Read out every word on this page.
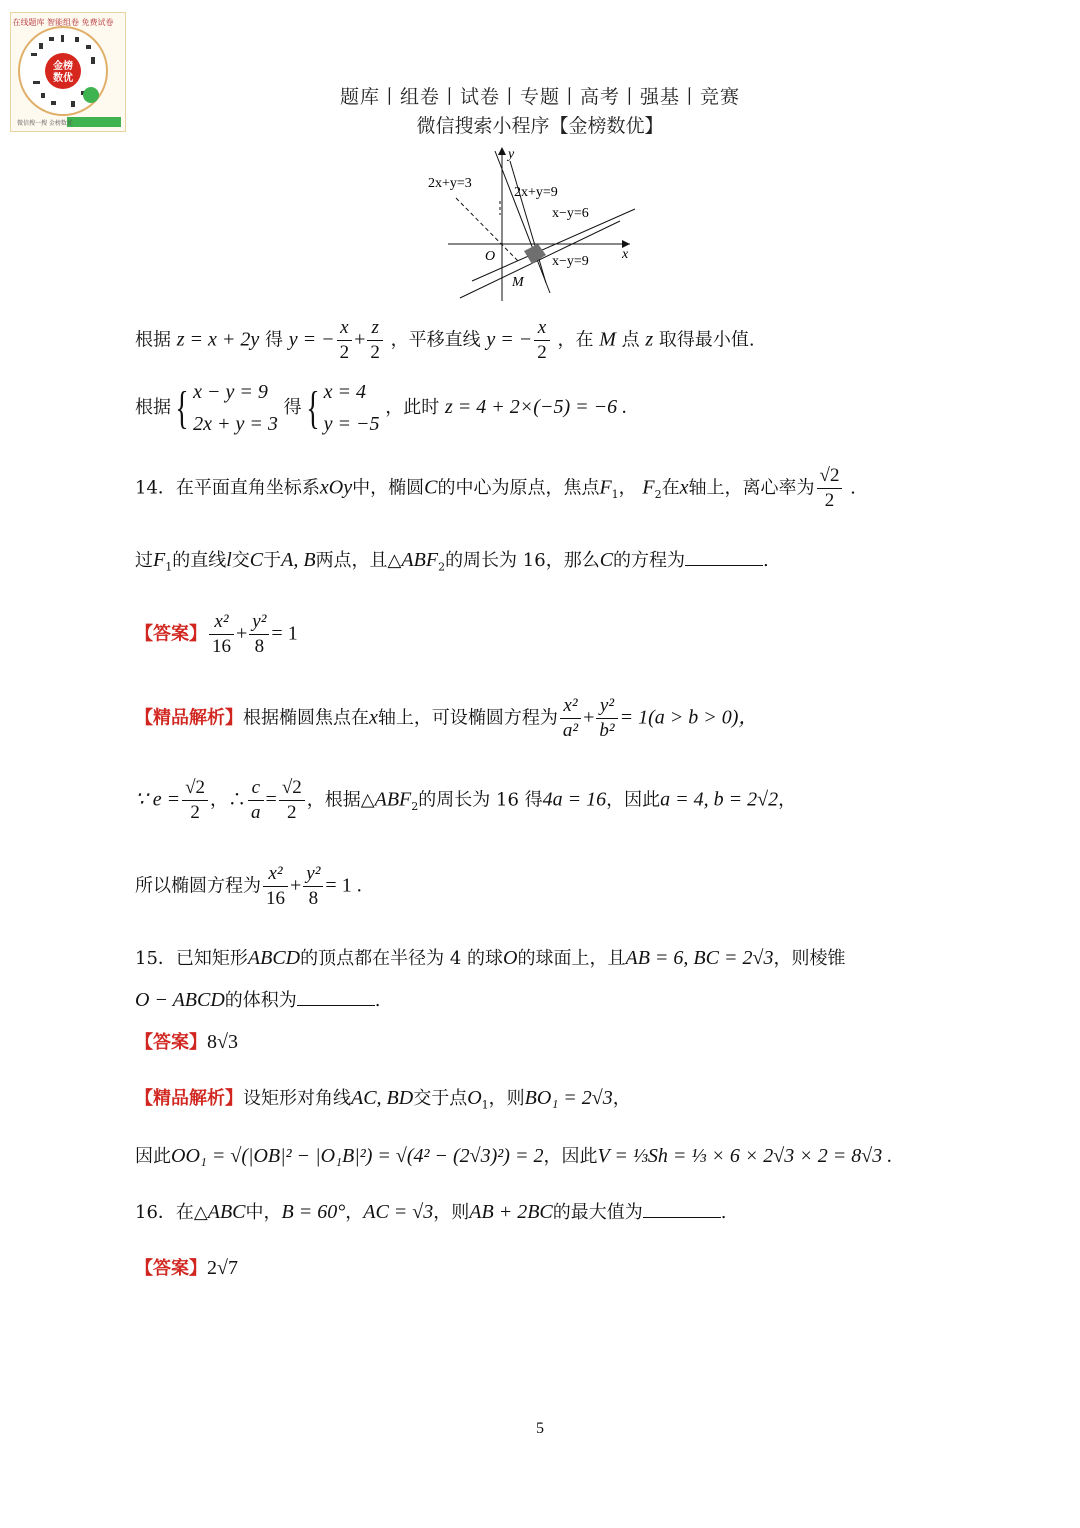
金榜
数优
在线题库 智能组卷 免费试卷
微信搜一搜 金榜数优
题库丨组卷丨试卷丨专题丨高考丨强基丨竞赛
微信搜索小程序【金榜数优】
y
x
O
M
2x+y=3
2x+y=9
x−y=6
x−y=9
根据 z = x + 2y 得 y = − $\frac{x}{2} + \frac{z}{2}$ ，平移直线 y = − $\frac{x}{2}$ ，在 M 点 z 取得最小值.
根据{ x − y = 9
2x + y = 3 得{ x = 4
y = −5 ，此时 z = 4 + 2×(−5) = −6 .
14．在平面直角坐标系xOy中，椭圆C的中心为原点，焦点$F_1$， $F_2$在x轴上，离心率为 $\frac{√2}{2}$ .
过$F_1$的直线l交C于A, B两点，且$\triangle ABF_2$的周长为 16，那么C的方程为	.
【答案】 $\frac{\text{x²}}{16} + \frac{\text{y²}}{8} = 1$
【精品解析】根据椭圆焦点在x轴上，可设椭圆方程为 $\frac{\text{x²}}{\text{a²}} + \frac{\text{y²}}{\text{b²}} = 1(a > b > 0)$，
∵ $e = \frac{√2}{2}$ ，∴ $\frac{c}{a} = \frac{√2}{2}$ ，根据$\triangle ABF_2$的周长为 16 得4a = 16，因此a = 4, b = 2√2，
所以椭圆方程为 $\frac{\text{x²}}{16} + \frac{\text{y²}}{8} = 1$ .
15．已知矩形ABCD的顶点都在半径为 4 的球O的球面上，且AB = 6, BC = 2√3，则棱锥
O − ABCD的体积为	.
【答案】8√3
【精品解析】设矩形对角线AC, BD交于点$O_1$，则BO₁ = 2√3，
因此OO₁ = √(|OB|² − |O₁B|²) = √(4² − (2√3)²) = 2，因此V = ⅓Sh = ⅓ × 6 × 2√3 × 2 = 8√3 .
16．在△ABC中，B = 60°，AC = √3，则AB + 2BC的最大值为	.
【答案】2√7
5
